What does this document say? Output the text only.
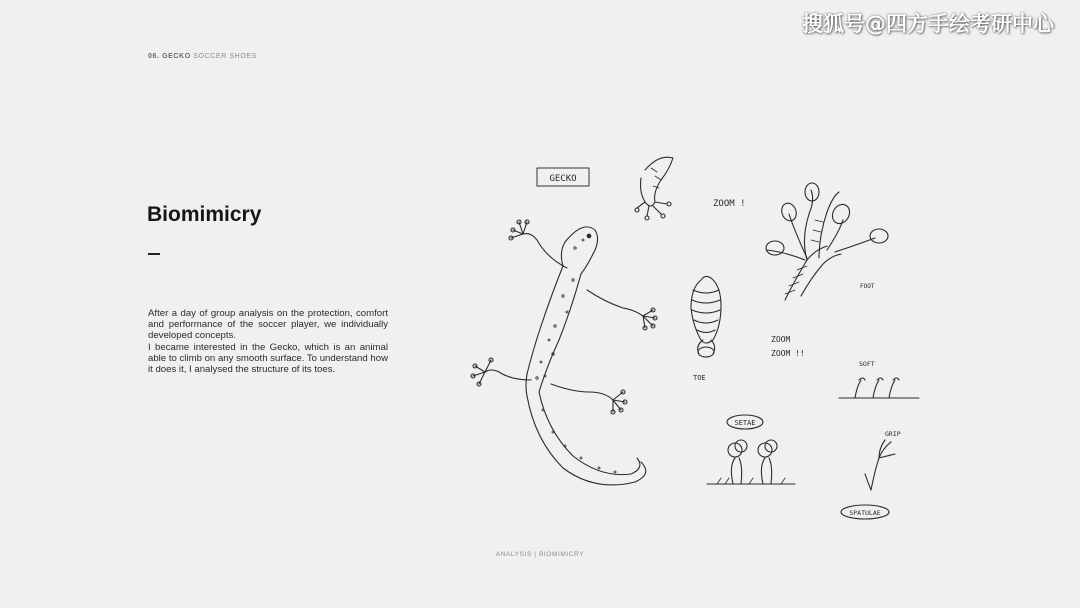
06. GECKO SOCCER SHOES
搜狐号@四方手绘考研中心
Biomimicry

After a day of group analysis on the protection, comfort and performance of the soccer player, we individually developed concepts.

I became interested in the Gecko, which is an animal able to climb on any smooth surface. To understand how it does it, I analysed the structure of its toes.

GECKO
ZOOM !
FOOT
TOE
ZOOM
ZOOM !!
SOFT
SETAE
GRIP
SPATULAE
ANALYSIS | BIOMIMICRY
